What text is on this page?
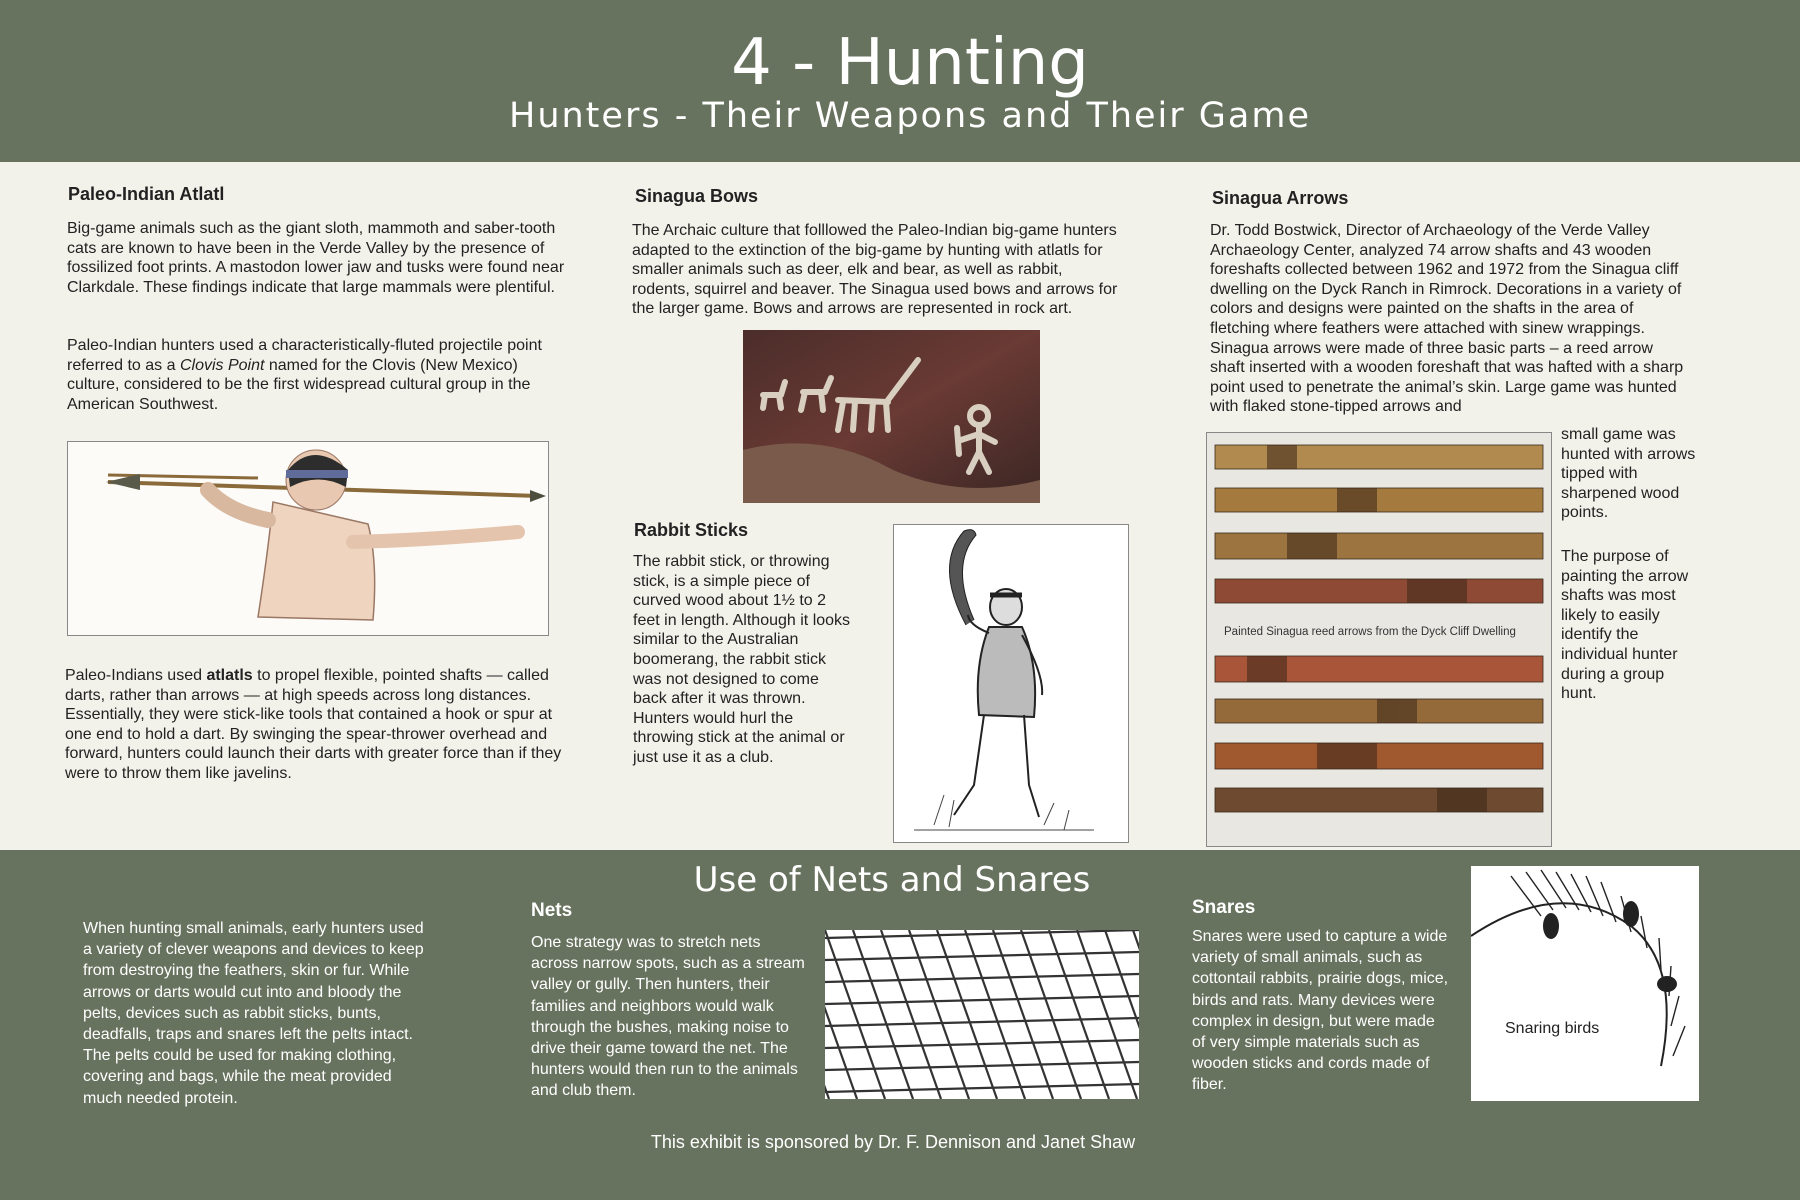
4 - Hunting
Hunters - Their Weapons and Their Game
Paleo-Indian Atlatl
Big-game animals such as the giant sloth, mammoth and saber-tooth cats are known to have been in the Verde Valley by the presence of fossilized foot prints. A mastodon lower jaw and tusks were found near Clarkdale. These findings indicate that large mammals were plentiful.
Paleo-Indian hunters used a characteristically-fluted projectile point referred to as a Clovis Point named for the Clovis (New Mexico) culture, considered to be the first widespread cultural group in the American Southwest.
Paleo-Indians used atlatls to propel flexible, pointed shafts — called darts, rather than arrows — at high speeds across long distances. Essentially, they were stick-like tools that contained a hook or spur at one end to hold a dart. By swinging the spear-thrower overhead and forward, hunters could launch their darts with greater force than if they were to throw them like javelins.
Sinagua Bows
The Archaic culture that folllowed the Paleo-Indian big-game hunters adapted to the extinction of the big-game by hunting with atlatls for smaller animals such as deer, elk and bear, as well as rabbit, rodents, squirrel and beaver. The Sinagua used bows and arrows for the larger game. Bows and arrows are represented in rock art.
Rabbit Sticks
The rabbit stick, or throwing stick, is a simple piece of curved wood about 1½ to 2 feet in length. Although it looks similar to the Australian boomerang, the rabbit stick was not designed to come back after it was thrown. Hunters would hurl the throwing stick at the animal or just use it as a club.
Sinagua Arrows
Dr. Todd Bostwick, Director of Archaeology of the Verde Valley Archaeology Center, analyzed 74 arrow shafts and 43 wooden foreshafts collected between 1962 and 1972 from the Sinagua cliff dwelling on the Dyck Ranch in Rimrock. Decorations in a variety of colors and designs were painted on the shafts in the area of fletching where feathers were attached with sinew wrappings. Sinagua arrows were made of three basic parts – a reed arrow shaft inserted with a wooden foreshaft that was hafted with a sharp point used to penetrate the animal’s skin. Large game was hunted with flaked stone-tipped arrows and
Painted Sinagua reed arrows from the Dyck Cliff Dwelling
small game was hunted with arrows tipped with sharpened wood points.
The purpose of painting the arrow shafts was most likely to easily identify the individual hunter during a group hunt.
Use of Nets and Snares
When hunting small animals, early hunters used a variety of clever weapons and devices to keep from destroying the feathers, skin or fur. While arrows or darts would cut into and bloody the pelts, devices such as rabbit sticks, bunts, deadfalls, traps and snares left the pelts intact. The pelts could be used for making clothing, covering and bags, while the meat provided much needed protein.
Nets
One strategy was to stretch nets across narrow spots, such as a stream valley or gully. Then hunters, their families and neighbors would walk through the bushes, making noise to drive their game toward the net. The hunters would then run to the animals and club them.
Snares
Snares were used to capture a wide variety of small animals, such as cottontail rabbits, prairie dogs, mice, birds and rats. Many devices were complex in design, but were made of very simple materials such as wooden sticks and cords made of fiber.
Snaring birds
This exhibit is sponsored by Dr. F. Dennison and Janet Shaw
